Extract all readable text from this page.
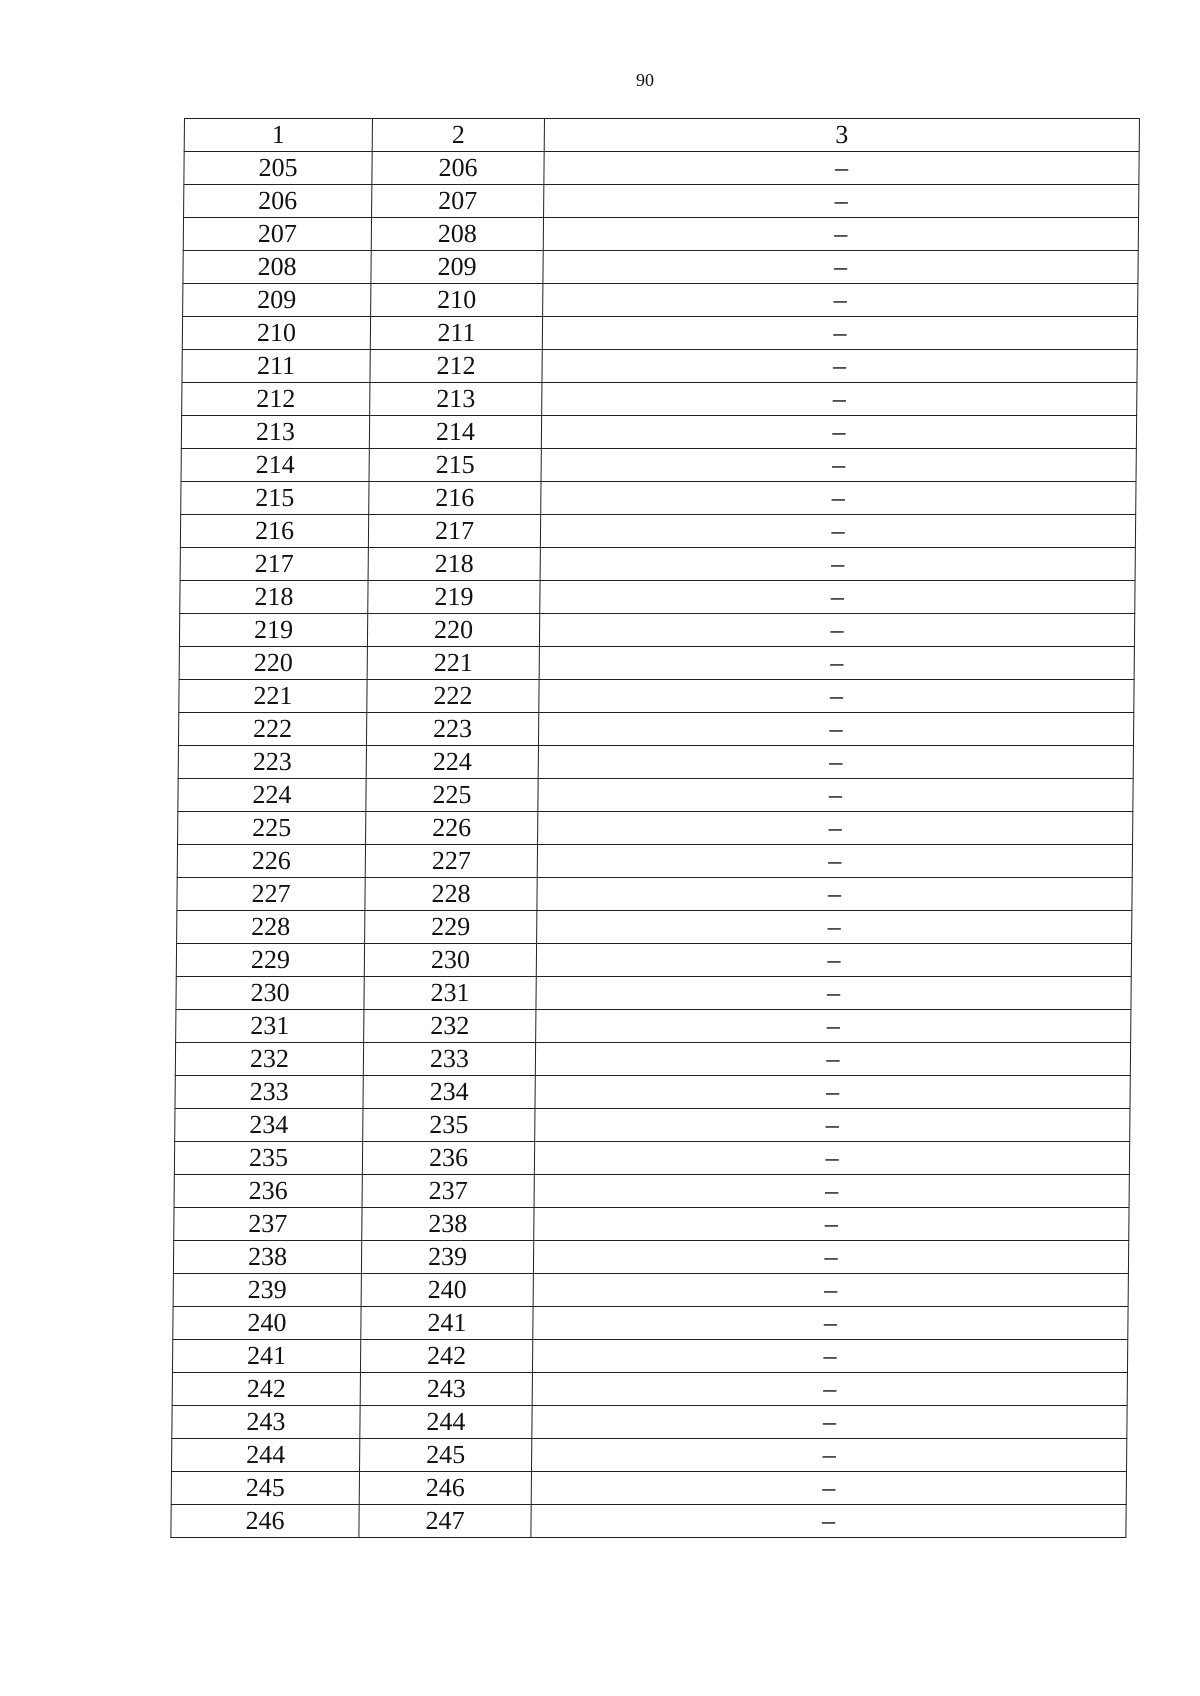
90
1	2	3
205	206	–
206	207	–
207	208	–
208	209	–
209	210	–
210	211	–
211	212	–
212	213	–
213	214	–
214	215	–
215	216	–
216	217	–
217	218	–
218	219	–
219	220	–
220	221	–
221	222	–
222	223	–
223	224	–
224	225	–
225	226	–
226	227	–
227	228	–
228	229	–
229	230	–
230	231	–
231	232	–
232	233	–
233	234	–
234	235	–
235	236	–
236	237	–
237	238	–
238	239	–
239	240	–
240	241	–
241	242	–
242	243	–
243	244	–
244	245	–
245	246	–
246	247	–
